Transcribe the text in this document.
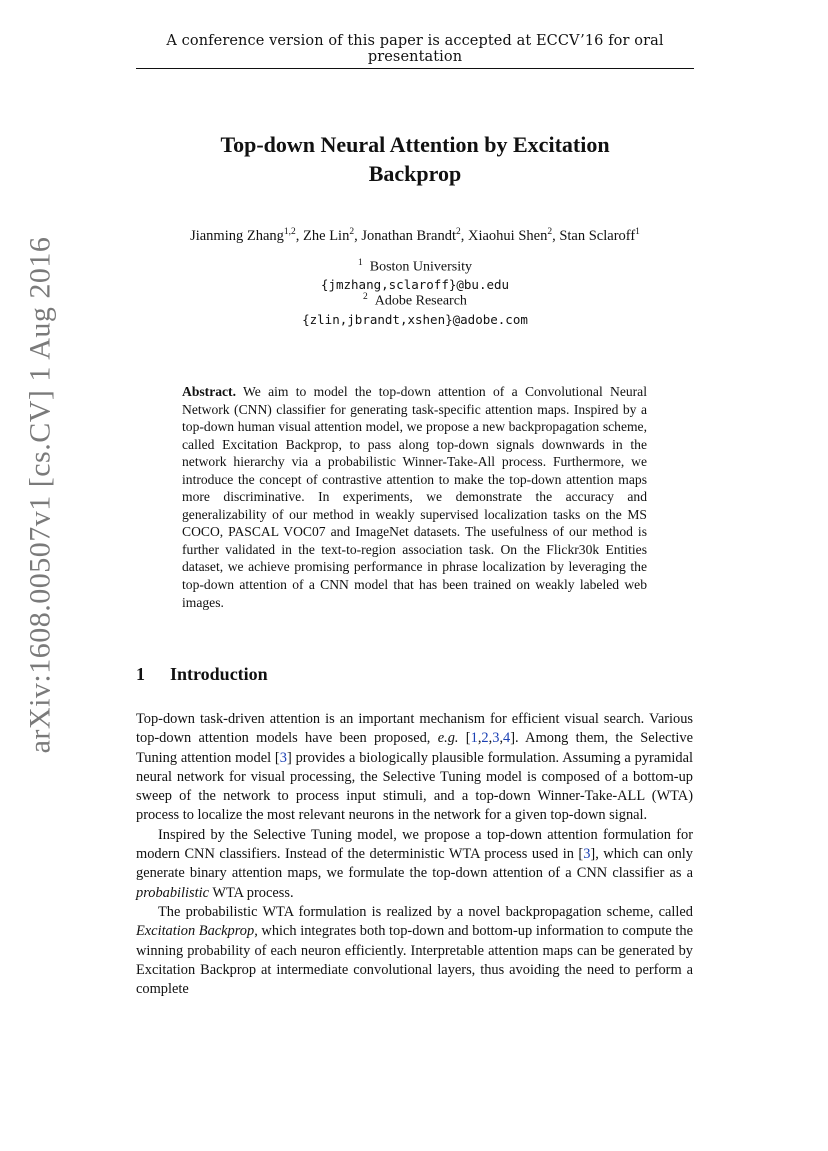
A conference version of this paper is accepted at ECCV’16 for oral presentation
arXiv:1608.00507v1 [cs.CV] 1 Aug 2016
Top-down Neural Attention by Excitation
Backprop
Jianming Zhang$^{1,2}$, Zhe Lin$^2$, Jonathan Brandt$^2$, Xiaohui Shen$^2$, Stan Sclaroff$^1$
$^1$ Boston University
{jmzhang,sclaroff}@bu.edu
$^2$ Adobe Research
{zlin,jbrandt,xshen}@adobe.com

Abstract. We aim to model the top-down attention of a Convolutional Neural Network (CNN) classifier for generating task-specific attention maps. Inspired by a top-down human visual attention model, we propose a new backpropagation scheme, called Excitation Backprop, to pass along top-down signals downwards in the network hierarchy via a probabilistic Winner-Take-All process. Furthermore, we introduce the concept of contrastive attention to make the top-down attention maps more discriminative. In experiments, we demonstrate the accuracy and generalizability of our method in weakly supervised localization tasks on the MS COCO, PASCAL VOC07 and ImageNet datasets. The usefulness of our method is further validated in the text-to-region association task. On the Flickr30k Entities dataset, we achieve promising performance in phrase localization by leveraging the top-down attention of a CNN model that has been trained on weakly labeled web images.

1 Introduction

Top-down task-driven attention is an important mechanism for efficient visual search. Various top-down attention models have been proposed, e.g. [1,2,3,4]. Among them, the Selective Tuning attention model [3] provides a biologically plausible formulation. Assuming a pyramidal neural network for visual processing, the Selective Tuning model is composed of a bottom-up sweep of the network to process input stimuli, and a top-down Winner-Take-ALL (WTA) process to localize the most relevant neurons in the network for a given top-down signal.

Inspired by the Selective Tuning model, we propose a top-down attention formulation for modern CNN classifiers. Instead of the deterministic WTA process used in [3], which can only generate binary attention maps, we formulate the top-down attention of a CNN classifier as a probabilistic WTA process.

The probabilistic WTA formulation is realized by a novel backpropagation scheme, called Excitation Backprop, which integrates both top-down and bottom-up information to compute the winning probability of each neuron efficiently. Interpretable attention maps can be generated by Excitation Backprop at intermediate convolutional layers, thus avoiding the need to perform a complete
